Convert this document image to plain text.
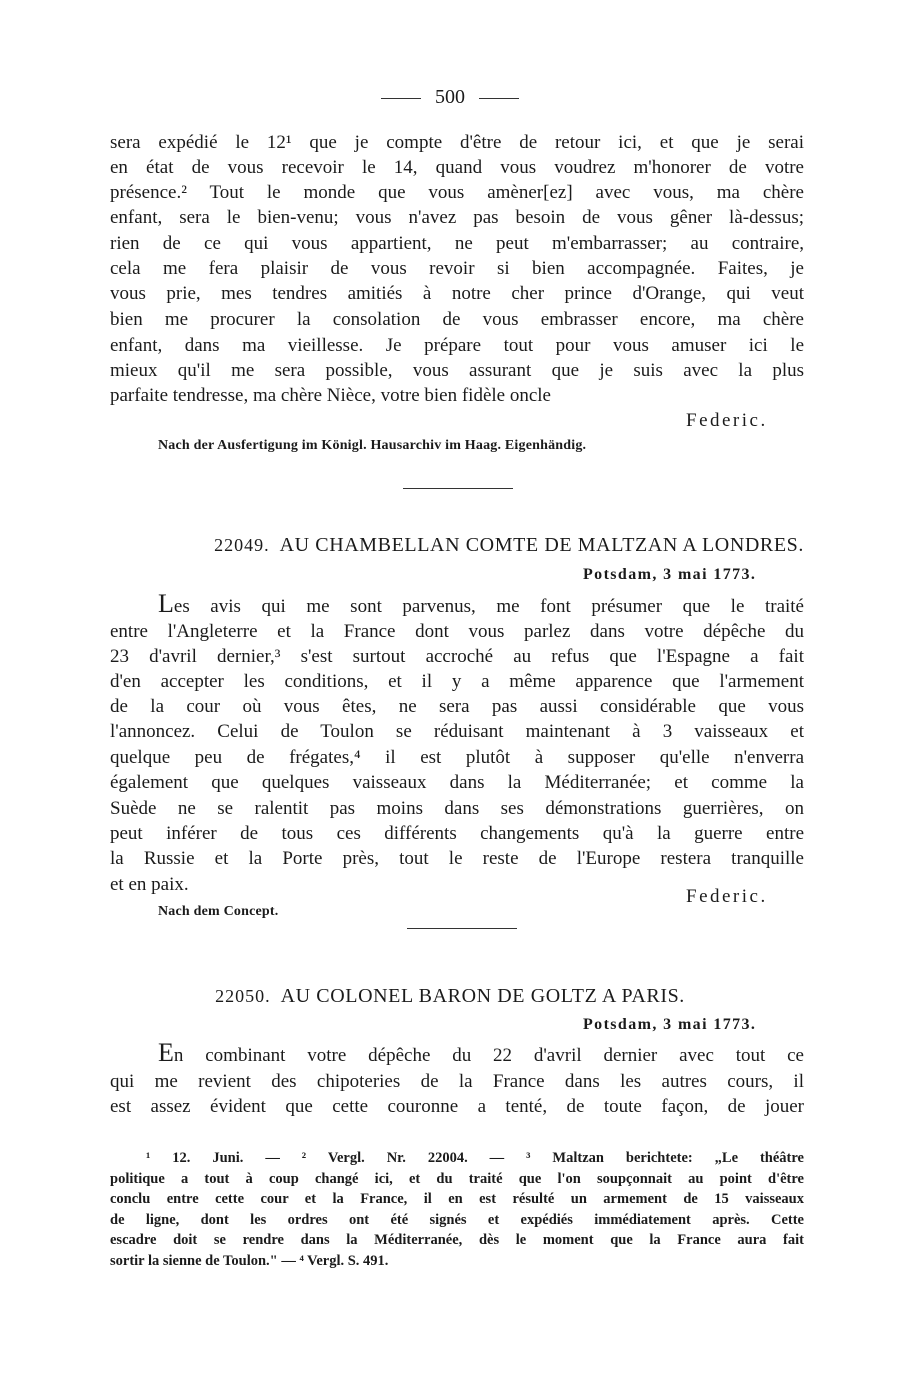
500
sera expédié le 12¹ que je compte d'être de retour ici, et que je serai
en état de vous recevoir le 14, quand vous voudrez m'honorer de votre
présence.² Tout le monde que vous amèner[ez] avec vous, ma chère
enfant, sera le bien-venu; vous n'avez pas besoin de vous gêner là-dessus;
rien de ce qui vous appartient, ne peut m'embarrasser; au contraire,
cela me fera plaisir de vous revoir si bien accompagnée. Faites, je
vous prie, mes tendres amitiés à notre cher prince d'Orange, qui veut
bien me procurer la consolation de vous embrasser encore, ma chère
enfant, dans ma vieillesse. Je prépare tout pour vous amuser ici le
mieux qu'il me sera possible, vous assurant que je suis avec la plus
parfaite tendresse, ma chère Nièce, votre bien fidèle oncle
Federic.
Nach der Ausfertigung im Königl. Hausarchiv im Haag. Eigenhändig.
22049. AU CHAMBELLAN COMTE DE MALTZAN A LONDRES.
Potsdam, 3 mai 1773.
Les avis qui me sont parvenus, me font présumer que le traité
entre l'Angleterre et la France dont vous parlez dans votre dépêche du
23 d'avril dernier,³ s'est surtout accroché au refus que l'Espagne a fait
d'en accepter les conditions, et il y a même apparence que l'armement
de la cour où vous êtes, ne sera pas aussi considérable que vous
l'annoncez. Celui de Toulon se réduisant maintenant à 3 vaisseaux et
quelque peu de frégates,⁴ il est plutôt à supposer qu'elle n'enverra
également que quelques vaisseaux dans la Méditerranée; et comme la
Suède ne se ralentit pas moins dans ses démonstrations guerrières, on
peut inférer de tous ces différents changements qu'à la guerre entre
la Russie et la Porte près, tout le reste de l'Europe restera tranquille
et en paix.
Federic.
Nach dem Concept.
22050. AU COLONEL BARON DE GOLTZ A PARIS.
Potsdam, 3 mai 1773.
En combinant votre dépêche du 22 d'avril dernier avec tout ce
qui me revient des chipoteries de la France dans les autres cours, il
est assez évident que cette couronne a tenté, de toute façon, de jouer
¹ 12. Juni. — ² Vergl. Nr. 22004. — ³ Maltzan berichtete: „Le théâtre
politique a tout à coup changé ici, et du traité que l'on soupçonnait au point d'être
conclu entre cette cour et la France, il en est résulté un armement de 15 vaisseaux
de ligne, dont les ordres ont été signés et expédiés immédiatement après. Cette
escadre doit se rendre dans la Méditerranée, dès le moment que la France aura fait
sortir la sienne de Toulon." — ⁴ Vergl. S. 491.
